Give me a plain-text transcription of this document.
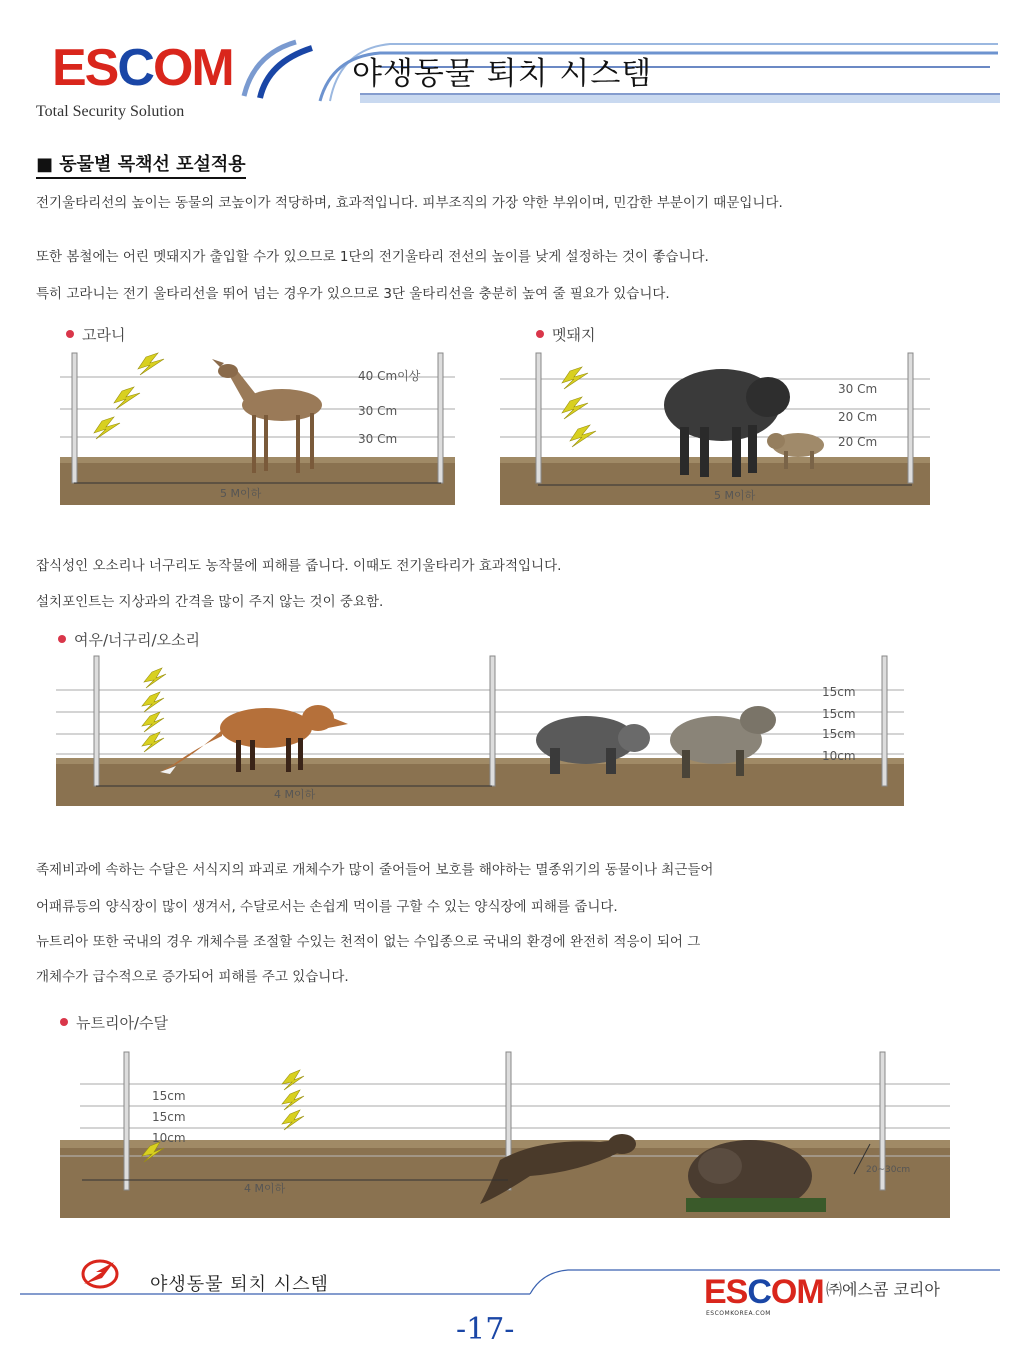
ESCOM
Total Security Solution
야생동물 퇴치 시스템
■ 동물별 목책선 포설적용
전기울타리선의 높이는 동물의 코높이가 적당하며, 효과적입니다. 피부조직의 가장 약한 부위이며, 민감한 부분이기 때문입니다.
또한 봄철에는 어린 멧돼지가 출입할 수가 있으므로 1단의 전기울타리 전선의 높이를 낮게 설정하는 것이 좋습니다.
특히 고라니는 전기 울타리선을 뛰어 넘는 경우가 있으므로 3단 울타리선을 충분히 높여 줄 필요가 있습니다.
고라니
40 Cm이상
30 Cm
30 Cm
5 M이하
멧돼지
30 Cm
20 Cm
20 Cm
5 M이하
잡식성인 오소리나 너구리도 농작물에 피해를 줍니다. 이때도 전기울타리가 효과적입니다.
설치포인트는 지상과의 간격을 많이 주지 않는 것이 중요함.
여우/너구리/오소리
15cm
15cm
15cm
10cm
4 M이하
족제비과에 속하는 수달은 서식지의 파괴로 개체수가 많이 줄어들어 보호를 해야하는 멸종위기의 동물이나 최근들어
어패류등의 양식장이 많이 생겨서, 수달로서는 손쉽게 먹이를 구할 수 있는 양식장에 피해를 줍니다.
뉴트리아 또한 국내의 경우 개체수를 조절할 수있는 천적이 없는 수입종으로 국내의 환경에 완전히 적응이 되어 그
개체수가 급수적으로 증가되어 피해를 주고 있습니다.
뉴트리아/수달
15cm
15cm
10cm
4 M이하
20~30cm
야생동물 퇴치 시스템	ESCOM
ESCOMKOREA.COM
㈜에스콤 코리아
-17-
